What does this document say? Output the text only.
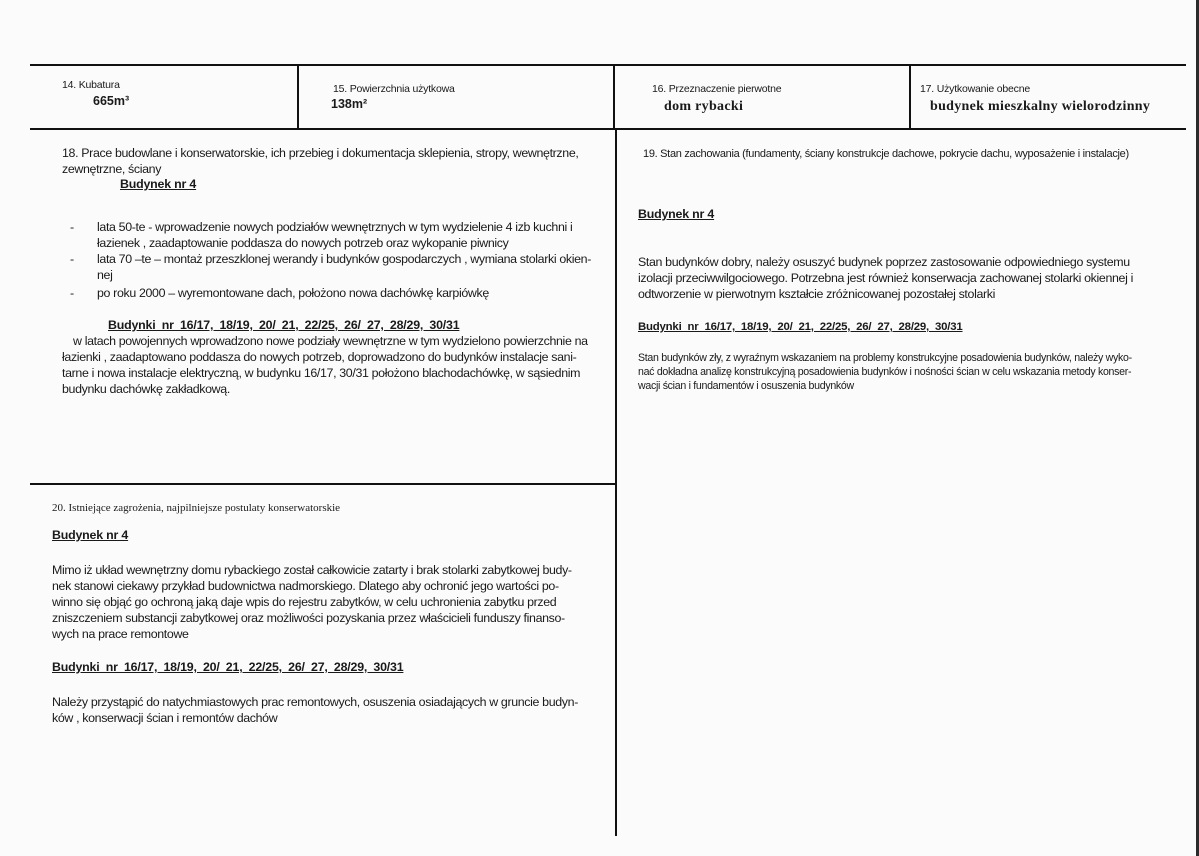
14. Kubatura
665m³
15. Powierzchnia użytkowa
138m²
16. Przeznaczenie pierwotne
dom rybacki
17. Użytkowanie obecne
budynek mieszkalny wielorodzinny
18. Prace budowlane i konserwatorskie, ich przebieg i dokumentacja sklepienia, stropy, wewnętrzne,
zewnętrzne, ściany
Budynek nr 4
- lata 50-te - wprowadzenie nowych podziałów wewnętrznych w tym wydzielenie 4 izb kuchni i
łazienek , zaadaptowanie poddasza do nowych potrzeb oraz wykopanie piwnicy
- lata 70 –te – montaż przeszklonej werandy i budynków gospodarczych , wymiana stolarki okien-
nej
- po roku 2000 – wyremontowane dach, położono nowa dachówkę karpiówkę
Budynki nr 16/17, 18/19, 20/ 21, 22/25, 26/ 27, 28/29, 30/31
w latach powojennych wprowadzono nowe podziały wewnętrzne w tym wydzielono powierzchnie na
łazienki , zaadaptowano poddasza do nowych potrzeb, doprowadzono do budynków instalacje sani-
tarne i nowa instalacje elektryczną, w budynku 16/17, 30/31 położono blachodachówkę, w sąsiednim
budynku dachówkę zakładkową.
19. Stan zachowania (fundamenty, ściany konstrukcje dachowe, pokrycie dachu, wyposażenie i instalacje)
Budynek nr 4
Stan budynków dobry, należy osuszyć budynek poprzez zastosowanie odpowiedniego systemu
izolacji przeciwwilgociowego. Potrzebna jest również konserwacja zachowanej stolarki okiennej i
odtworzenie w pierwotnym kształcie zróżnicowanej pozostałej stolarki
Budynki nr 16/17, 18/19, 20/ 21, 22/25, 26/ 27, 28/29, 30/31
Stan budynków zły, z wyraźnym wskazaniem na problemy konstrukcyjne posadowienia budynków, należy wyko-
nać dokładna analizę konstrukcyjną posadowienia budynków i nośności ścian w celu wskazania metody konser-
wacji ścian i fundamentów i osuszenia budynków
20. Istniejące zagrożenia, najpilniejsze postulaty konserwatorskie
Budynek nr 4
Mimo iż układ wewnętrzny domu rybackiego został całkowicie zatarty i brak stolarki zabytkowej budy-
nek stanowi ciekawy przykład budownictwa nadmorskiego. Dlatego aby ochronić jego wartości po-
winno się objąć go ochroną jaką daje wpis do rejestru zabytków, w celu uchronienia zabytku przed
zniszczeniem substancji zabytkowej oraz możliwości pozyskania przez właścicieli funduszy finanso-
wych na prace remontowe
Budynki nr 16/17, 18/19, 20/ 21, 22/25, 26/ 27, 28/29, 30/31
Należy przystąpić do natychmiastowych prac remontowych, osuszenia osiadających w gruncie budyn-
ków , konserwacji ścian i remontów dachów
